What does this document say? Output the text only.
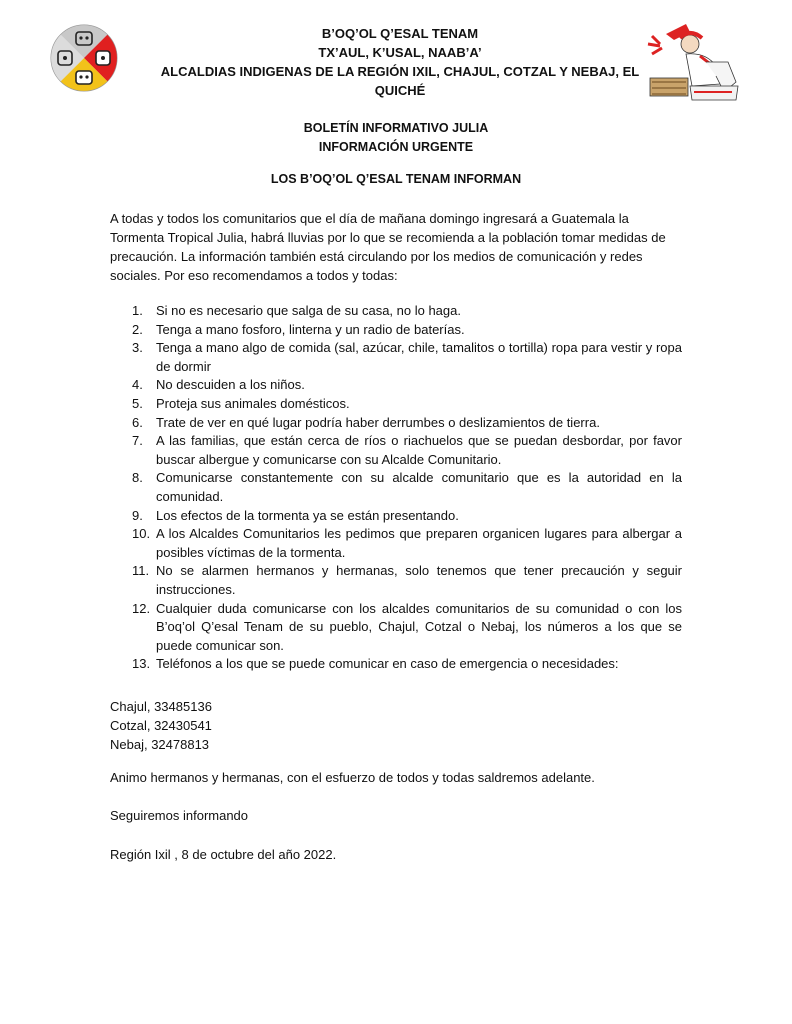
B’OQ’OL Q’ESAL TENAM
TX’AUL, K’USAL, NAAB’A’
ALCALDIAS INDIGENAS DE LA REGIÓN IXIL, CHAJUL, COTZAL Y NEBAJ, EL QUICHÉ
BOLETÍN INFORMATIVO JULIA
INFORMACIÓN URGENTE
LOS B’OQ’OL Q’ESAL TENAM INFORMAN

A todas y todos los comunitarios que el día de mañana domingo ingresará a Guatemala la Tormenta Tropical Julia, habrá lluvias por lo que se recomienda a la población tomar medidas de precaución. La información también está circulando por los medios de comunicación y redes sociales. Por eso recomendamos a todos y todas:

1. Si no es necesario que salga de su casa, no lo haga.
2. Tenga a mano fosforo, linterna y un radio de baterías.
3. Tenga a mano algo de comida (sal, azúcar, chile, tamalitos o tortilla) ropa para vestir y ropa de dormir
4. No descuiden a los niños.
5. Proteja sus animales domésticos.
6. Trate de ver en qué lugar podría haber derrumbes o deslizamientos de tierra.
7. A las familias, que están cerca de ríos o riachuelos que se puedan desbordar, por favor buscar albergue y comunicarse con su Alcalde Comunitario.
8. Comunicarse constantemente con su alcalde comunitario que es la autoridad en la comunidad.
9. Los efectos de la tormenta ya se están presentando.
10. A los Alcaldes Comunitarios les pedimos que preparen organicen lugares para albergar a posibles víctimas de la tormenta.
11. No se alarmen hermanos y hermanas, solo tenemos que tener precaución y seguir instrucciones.
12. Cualquier duda comunicarse con los alcaldes comunitarios de su comunidad o con los B’oq’ol Q’esal Tenam de su pueblo, Chajul, Cotzal o Nebaj, los números a los que se puede comunicar son.
13. Teléfonos a los que se puede comunicar en caso de emergencia o necesidades:
Chajul, 33485136
Cotzal, 32430541
Nebaj, 32478813
Animo hermanos y hermanas, con el esfuerzo de todos y todas saldremos adelante.
Seguiremos informando
Región Ixil , 8 de octubre del año 2022.
